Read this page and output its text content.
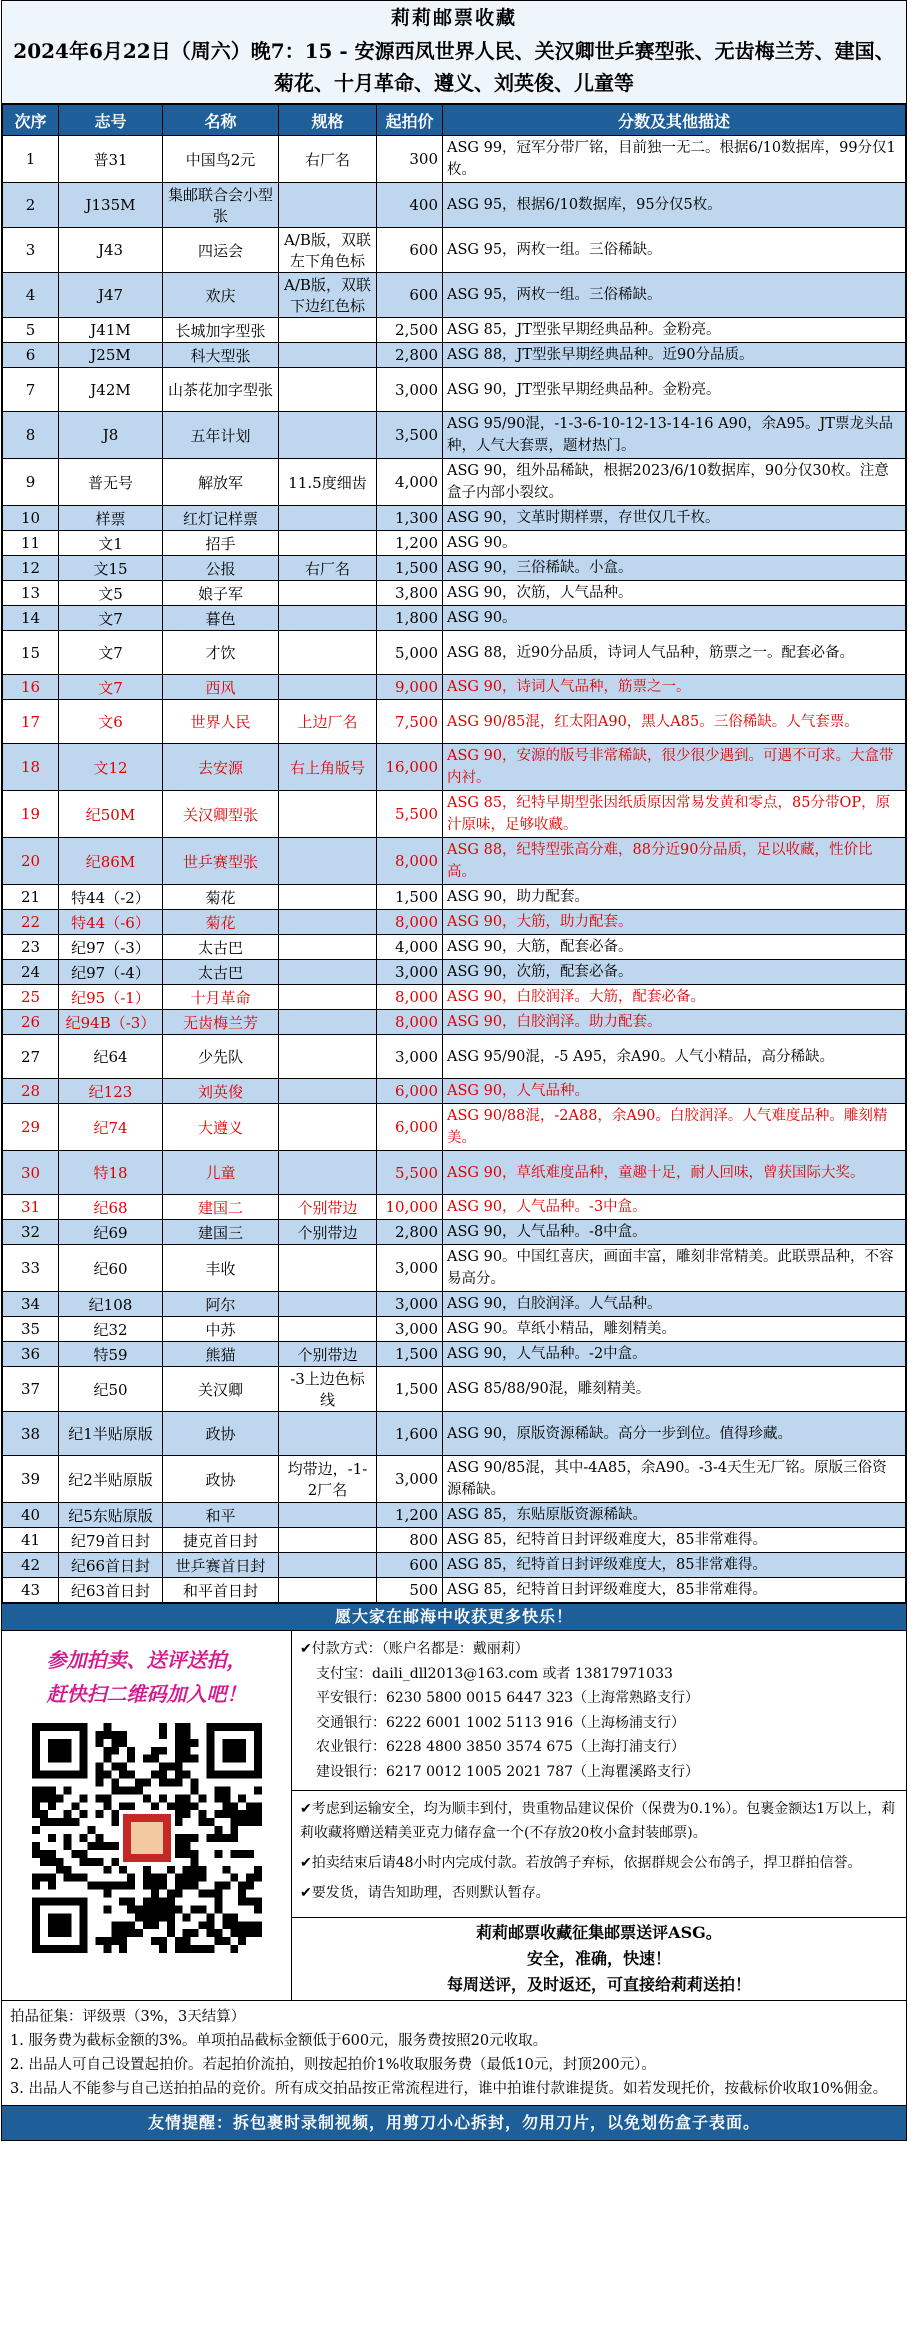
莉莉邮票收藏
2024年6月22日（周六）晚7：15 - 安源西凤世界人民、关汉卿世乒赛型张、无齿梅兰芳、建国、菊花、十月革命、遵义、刘英俊、儿童等
次序	志号	名称	规格	起拍价	分数及其他描述
1	普31	中国鸟2元	右厂名	300	ASG 99，冠军分带厂铭，目前独一无二。根据6/10数据库，99分仅1枚。
2	J135M	集邮联合会小型张		400	ASG 95，根据6/10数据库，95分仅5枚。
3	J43	四运会	A/B版，双联左下角色标	600	ASG 95，两枚一组。三俗稀缺。
4	J47	欢庆	A/B版，双联下边红色标	600	ASG 95，两枚一组。三俗稀缺。
5	J41M	长城加字型张		2,500	ASG 85，JT型张早期经典品种。金粉亮。
6	J25M	科大型张		2,800	ASG 88，JT型张早期经典品种。近90分品质。
7	J42M	山茶花加字型张		3,000	ASG 90，JT型张早期经典品种。金粉亮。
8	J8	五年计划		3,500	ASG 95/90混，-1-3-6-10-12-13-14-16 A90，余A95。JT票龙头品种，人气大套票，题材热门。
9	普无号	解放军	11.5度细齿	4,000	ASG 90，组外品稀缺，根据2023/6/10数据库，90分仅30枚。注意盒子内部小裂纹。
10	样票	红灯记样票		1,300	ASG 90，文革时期样票，存世仅几千枚。
11	文1	招手		1,200	ASG 90。
12	文15	公报	右厂名	1,500	ASG 90，三俗稀缺。小盒。
13	文5	娘子军		3,800	ASG 90，次筋，人气品种。
14	文7	暮色		1,800	ASG 90。
15	文7	才饮		5,000	ASG 88，近90分品质，诗词人气品种，筋票之一。配套必备。
16	文7	西风		9,000	ASG 90，诗词人气品种，筋票之一。
17	文6	世界人民	上边厂名	7,500	ASG 90/85混，红太阳A90，黑人A85。三俗稀缺。人气套票。
18	文12	去安源	右上角版号	16,000	ASG 90，安源的版号非常稀缺，很少很少遇到。可遇不可求。大盒带内衬。
19	纪50M	关汉卿型张		5,500	ASG 85，纪特早期型张因纸质原因常易发黄和零点，85分带OP，原汁原味，足够收藏。
20	纪86M	世乒赛型张		8,000	ASG 88，纪特型张高分难，88分近90分品质，足以收藏，性价比高。
21	特44（-2）	菊花		1,500	ASG 90，助力配套。
22	特44（-6）	菊花		8,000	ASG 90，大筋，助力配套。
23	纪97（-3）	太古巴		4,000	ASG 90，大筋，配套必备。
24	纪97（-4）	太古巴		3,000	ASG 90，次筋，配套必备。
25	纪95（-1）	十月革命		8,000	ASG 90，白胶润泽。大筋，配套必备。
26	纪94B（-3）	无齿梅兰芳		8,000	ASG 90，白胶润泽。助力配套。
27	纪64	少先队		3,000	ASG 95/90混，-5 A95，余A90。人气小精品，高分稀缺。
28	纪123	刘英俊		6,000	ASG 90，人气品种。
29	纪74	大遵义		6,000	ASG 90/88混，-2A88，余A90。白胶润泽。人气难度品种。雕刻精美。
30	特18	儿童		5,500	ASG 90，草纸难度品种，童趣十足，耐人回味，曾获国际大奖。
31	纪68	建国二	个别带边	10,000	ASG 90，人气品种。-3中盒。
32	纪69	建国三	个别带边	2,800	ASG 90，人气品种。-8中盒。
33	纪60	丰收		3,000	ASG 90。中国红喜庆，画面丰富，雕刻非常精美。此联票品种，不容易高分。
34	纪108	阿尔		3,000	ASG 90，白胶润泽。人气品种。
35	纪32	中苏		3,000	ASG 90。草纸小精品，雕刻精美。
36	特59	熊猫	个别带边	1,500	ASG 90，人气品种。-2中盒。
37	纪50	关汉卿	-3上边色标线	1,500	ASG 85/88/90混，雕刻精美。
38	纪1半贴原版	政协		1,600	ASG 90，原版资源稀缺。高分一步到位。值得珍藏。
39	纪2半贴原版	政协	均带边，-1-2厂名	3,000	ASG 90/85混，其中-4A85，余A90。-3-4天生无厂铭。原版三俗资源稀缺。
40	纪5东贴原版	和平		1,200	ASG 85，东贴原版资源稀缺。
41	纪79首日封	捷克首日封		800	ASG 85，纪特首日封评级难度大，85非常难得。
42	纪66首日封	世乒赛首日封		600	ASG 85，纪特首日封评级难度大，85非常难得。
43	纪63首日封	和平首日封		500	ASG 85，纪特首日封评级难度大，85非常难得。
愿大家在邮海中收获更多快乐！
参加拍卖、送评送拍，
赶快扫二维码加入吧！
✔付款方式：（账户名都是：戴丽莉）
支付宝：daili_dll2013@163.com 或者 13817971033
平安银行：6230 5800 0015 6447 323（上海常熟路支行）
交通银行：6222 6001 1002 5113 916（上海杨浦支行）
农业银行：6228 4800 3850 3574 675（上海打浦支行）
建设银行：6217 0012 1005 2021 787（上海瞿溪路支行）

✔考虑到运输安全，均为顺丰到付，贵重物品建议保价（保费为0.1%）。包裹金额达1万以上，莉莉收藏将赠送精美亚克力储存盒一个(不存放20枚小盒封装邮票)。

✔拍卖结束后请48小时内完成付款。若放鸽子弃标，依据群规会公布鸽子，捍卫群拍信誉。

✔要发货，请告知助理，否则默认暂存。

莉莉邮票收藏征集邮票送评ASG。
安全，准确，快速！
每周送评，及时返还，可直接给莉莉送拍！
拍品征集：评级票（3%，3天结算）
1. 服务费为截标金额的3%。单项拍品截标金额低于600元，服务费按照20元收取。
2. 出品人可自己设置起拍价。若起拍价流拍，则按起拍价1%收取服务费（最低10元，封顶200元）。
3. 出品人不能参与自己送拍拍品的竞价。所有成交拍品按正常流程进行，谁中拍谁付款谁提货。如若发现托价，按截标价收取10%佣金。
友情提醒：拆包裹时录制视频，用剪刀小心拆封，勿用刀片，以免划伤盒子表面。
